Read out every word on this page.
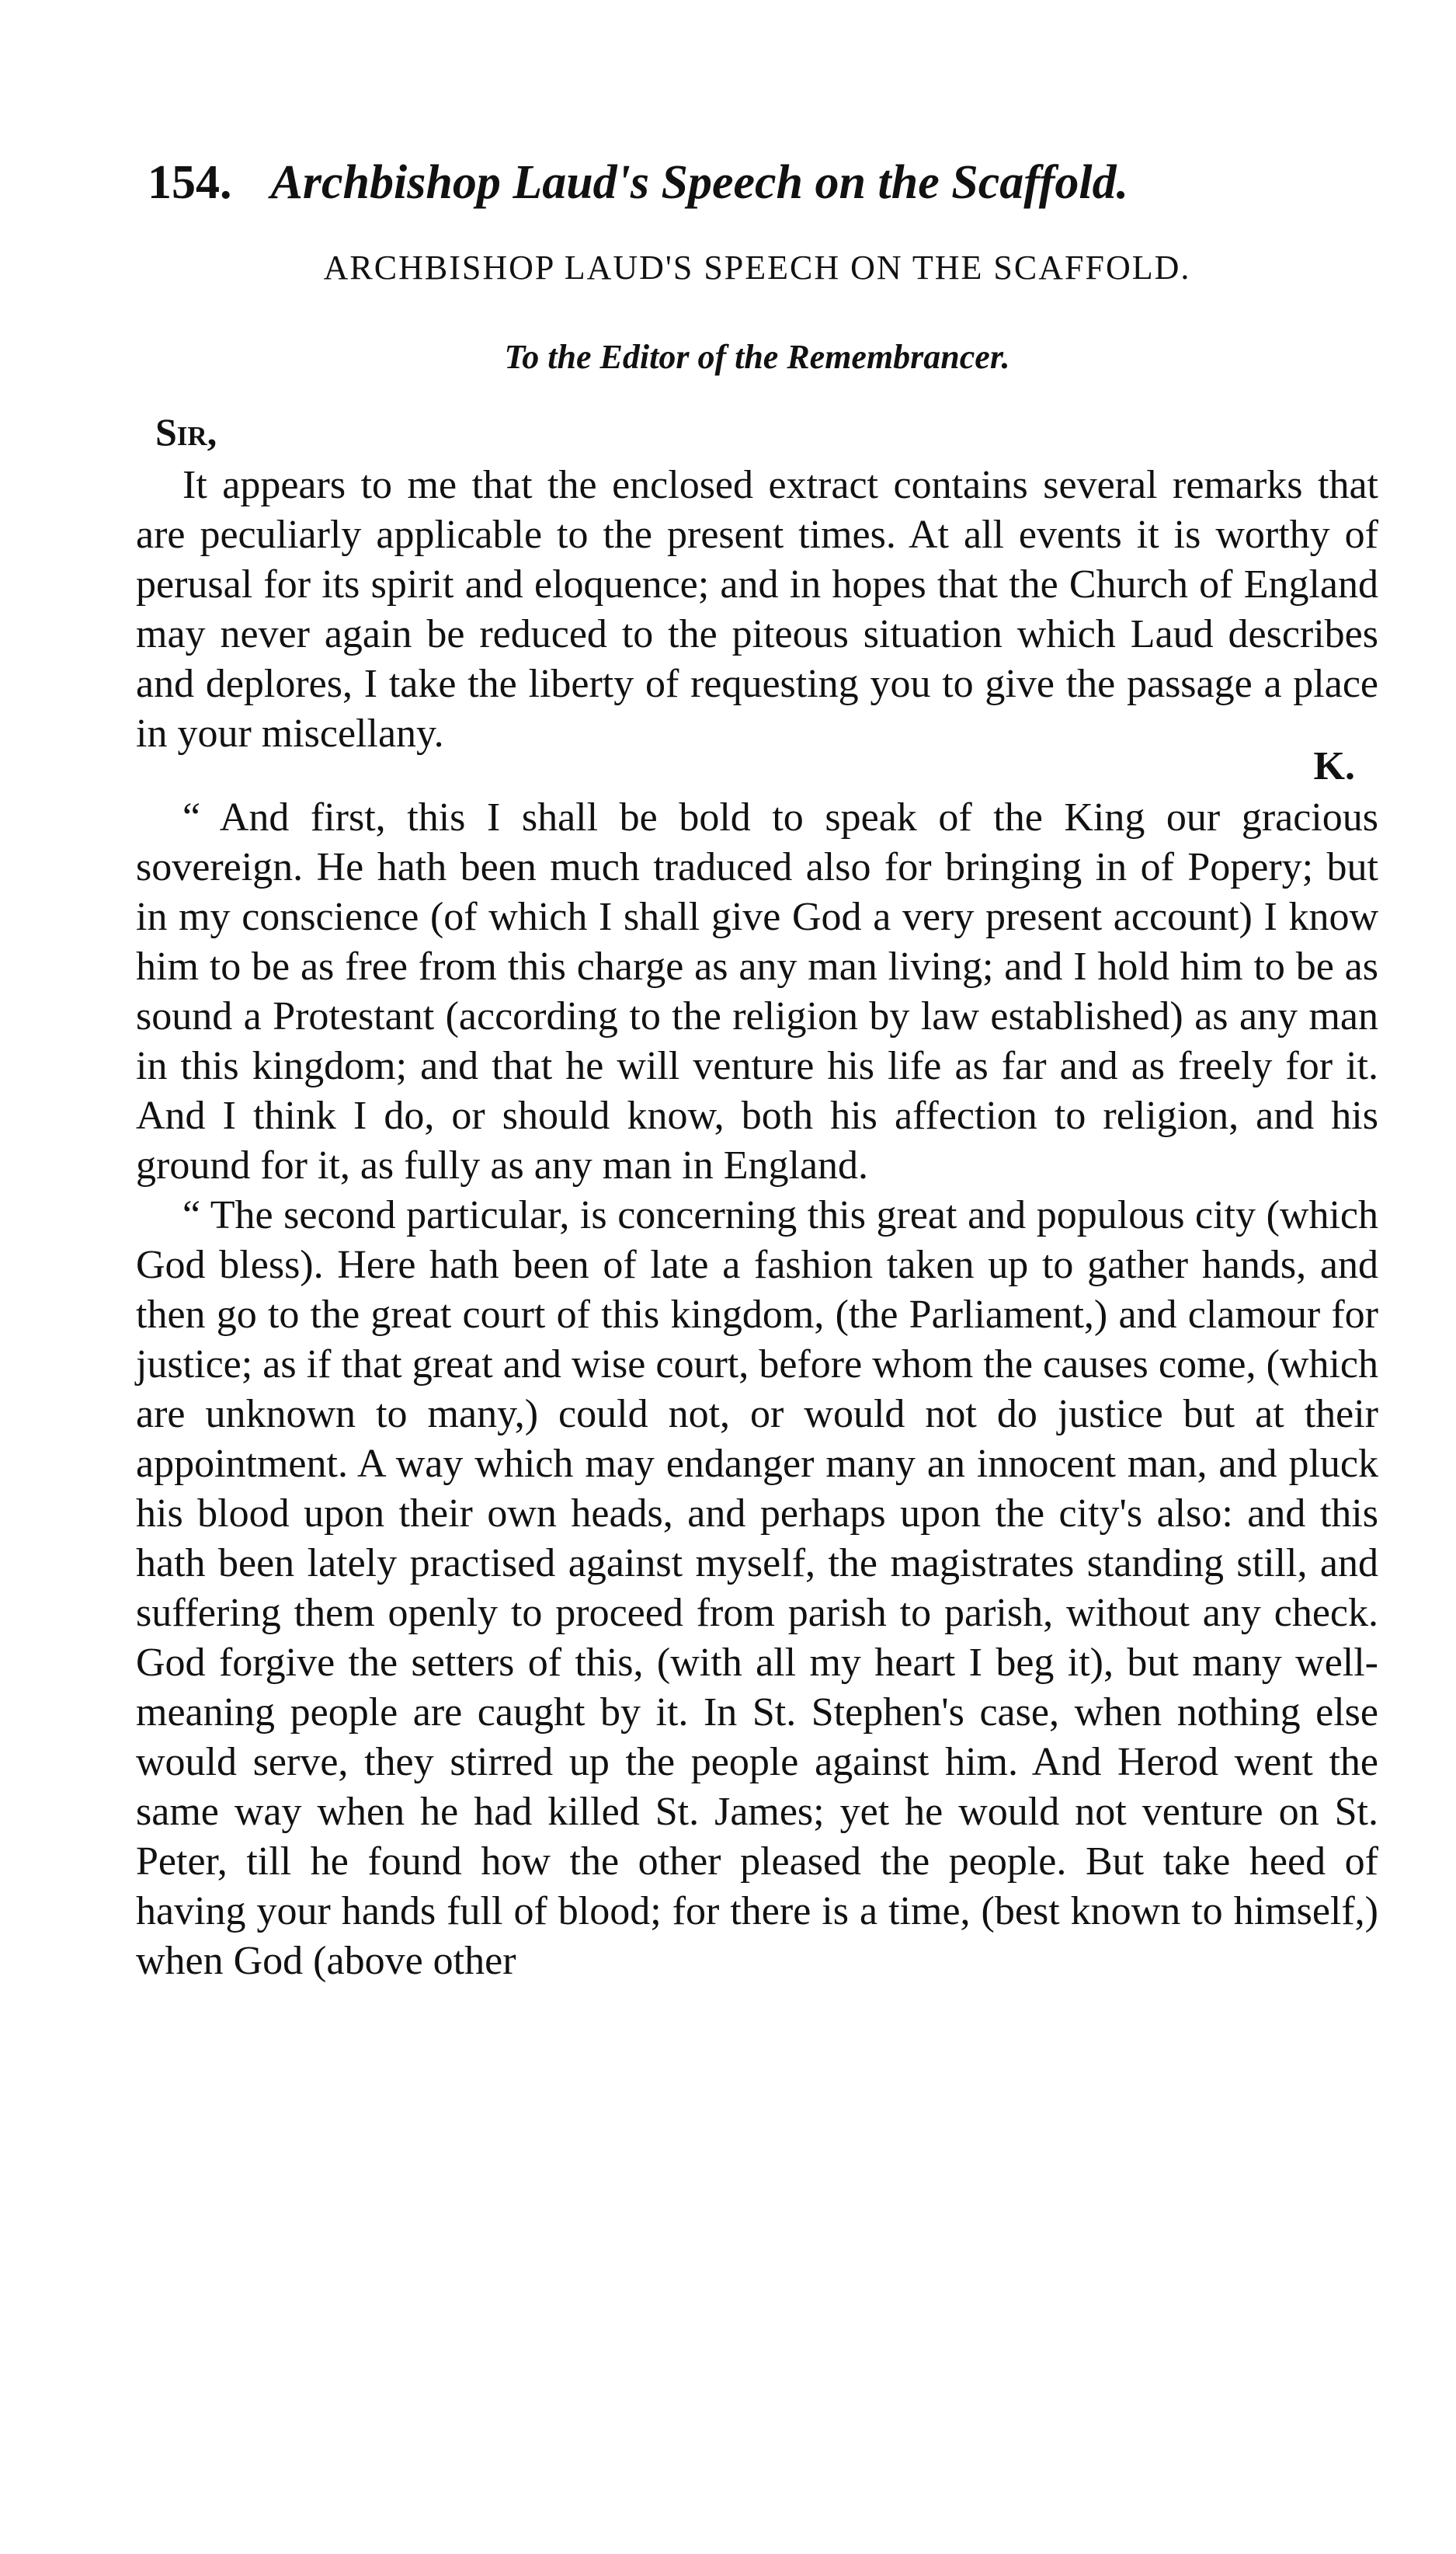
154. Archbishop Laud's Speech on the Scaffold.
ARCHBISHOP LAUD'S SPEECH ON THE SCAFFOLD.
To the Editor of the Remembrancer.
Sir,

It appears to me that the enclosed extract contains several remarks that are peculiarly applicable to the present times. At all events it is worthy of perusal for its spirit and eloquence; and in hopes that the Church of England may never again be reduced to the piteous situation which Laud describes and deplores, I take the liberty of requesting you to give the passage a place in your miscellany.

K.

“ And first, this I shall be bold to speak of the King our gracious sovereign. He hath been much traduced also for bringing in of Popery; but in my conscience (of which I shall give God a very present account) I know him to be as free from this charge as any man living; and I hold him to be as sound a Protestant (according to the religion by law established) as any man in this kingdom; and that he will venture his life as far and as freely for it. And I think I do, or should know, both his affection to religion, and his ground for it, as fully as any man in England.

“ The second particular, is concerning this great and populous city (which God bless). Here hath been of late a fashion taken up to gather hands, and then go to the great court of this kingdom, (the Parliament,) and clamour for justice; as if that great and wise court, before whom the causes come, (which are unknown to many,) could not, or would not do justice but at their appointment. A way which may endanger many an innocent man, and pluck his blood upon their own heads, and perhaps upon the city's also: and this hath been lately practised against myself, the magistrates standing still, and suffering them openly to proceed from parish to parish, without any check. God forgive the setters of this, (with all my heart I beg it), but many well-meaning people are caught by it. In St. Stephen's case, when nothing else would serve, they stirred up the people against him. And Herod went the same way when he had killed St. James; yet he would not venture on St. Peter, till he found how the other pleased the people. But take heed of having your hands full of blood; for there is a time, (best known to himself,) when God (above other
